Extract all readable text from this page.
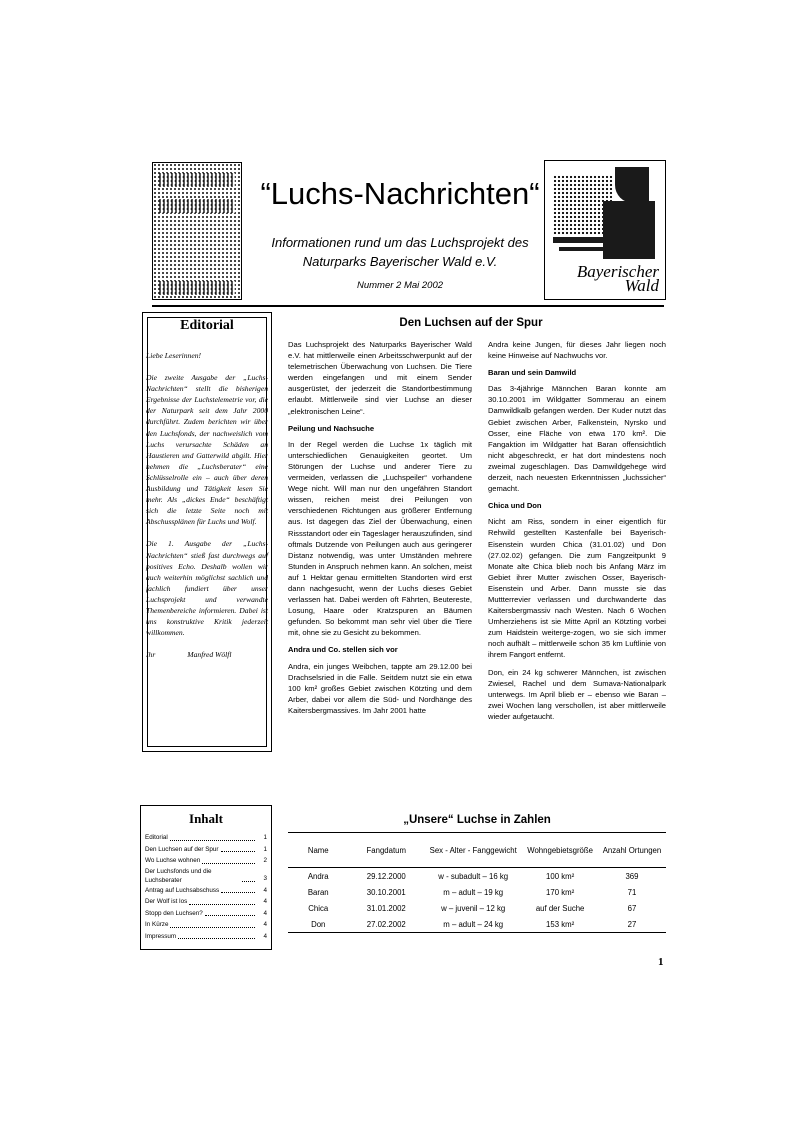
“Luchs-Nachrichten“
Informationen rund um das Luchsprojekt des
Naturparks Bayerischer Wald e.V.
Nummer 2 Mai 2002
Bayerischer
Wald
Editorial

Liebe Leserinnen!

Die zweite Ausgabe der „Luchs-Nachrichten“ stellt die bisherigen Ergebnisse der Luchstelemetrie vor, die der Naturpark seit dem Jahr 2000 durchführt. Zudem berichten wir über den Luchsfonds, der nachweislich vom Luchs verursachte Schäden an Haustieren und Gatterwild abgilt. Hier nehmen die „Luchsberater“ eine Schlüsselrolle ein – auch über deren Ausbildung und Tätigkeit lesen Sie mehr. Als „dickes Ende“ beschäftigt sich die letzte Seite noch mit Abschussplänen für Luchs und Wolf.

Die 1. Ausgabe der „Luchs-Nachrichten“ stieß fast durchwegs auf positives Echo. Deshalb wollen wir auch weiterhin möglichst sachlich und fachlich fundiert über unser Luchsprojekt und verwandte Themenbereiche informieren. Dabei ist uns konstruktive Kritik jederzeit willkommen.

Ihr	Manfred Wölfl
Den Luchsen auf der Spur

Das Luchsprojekt des Naturparks Bayerischer Wald e.V. hat mittlerweile einen Arbeitsschwerpunkt auf der telemetrischen Überwachung von Luchsen. Die Tiere werden eingefangen und mit einem Sender ausgerüstet, der jederzeit die Standortbestimmung erlaubt. Mittlerweile sind vier Luchse an dieser „elektronischen Leine“.

Peilung und Nachsuche

In der Regel werden die Luchse 1x täglich mit unterschiedlichen Genauigkeiten geortet. Um Störungen der Luchse und anderer Tiere zu vermeiden, verlassen die „Luchspeiler“ vorhandene Wege nicht. Will man nur den ungefähren Standort wissen, reichen meist drei Peilungen von verschiedenen Richtungen aus größerer Entfernung aus. Ist dagegen das Ziel der Überwachung, einen Rissstandort oder ein Tageslager herauszufinden, sind oftmals Dutzende von Peilungen auch aus geringerer Distanz notwendig, was unter Umständen mehrere Stunden in Anspruch nehmen kann. An solchen, meist auf 1 Hektar genau ermittelten Standorten wird erst dann nachgesucht, wenn der Luchs dieses Gebiet verlassen hat. Dabei werden oft Fährten, Beutereste, Losung, Haare oder Kratzspuren an Bäumen gefunden. So bekommt man sehr viel über die Tiere mit, ohne sie zu Gesicht zu bekommen.

Andra und Co. stellen sich vor

Andra, ein junges Weibchen, tappte am 29.12.00 bei Drachselsried in die Falle. Seitdem nutzt sie ein etwa 100 km² großes Gebiet zwischen Kötzting und dem Arber, dabei vor allem die Süd- und Nordhänge des Kaitersbergmassives. Im Jahr 2001 hatte

Andra keine Jungen, für dieses Jahr liegen noch keine Hinweise auf Nachwuchs vor.

Baran und sein Damwild

Das 3-4jährige Männchen Baran konnte am 30.10.2001 im Wildgatter Sommerau an einem Damwildkalb gefangen werden. Der Kuder nutzt das Gebiet zwischen Arber, Falkenstein, Nyrsko und Osser, eine Fläche von etwa 170 km². Die Fangaktion im Wildgatter hat Baran offensichtlich nicht abgeschreckt, er hat dort mindestens noch zweimal zugeschlagen. Das Damwildgehege wird derzeit, nach neuesten Erkenntnissen „luchssicher“ gemacht.

Chica und Don

Nicht am Riss, sondern in einer eigentlich für Rehwild gestellten Kastenfalle bei Bayerisch-Eisenstein wurden Chica (31.01.02) und Don (27.02.02) gefangen. Die zum Fangzeitpunkt 9 Monate alte Chica blieb noch bis Anfang März im Gebiet ihrer Mutter zwischen Osser, Bayerisch-Eisenstein und Arber. Dann musste sie das Muttterrevier verlassen und durchwanderte das Kaitersbergmassiv nach Westen. Nach 6 Wochen Umherziehens ist sie Mitte April an Kötzting vorbei zum Haidstein weiterge-zogen, wo sie sich immer noch aufhält – mittlerweile schon 35 km Luftlinie von ihrem Fangort entfernt.

Don, ein 24 kg schwerer Männchen, ist zwischen Zwiesel, Rachel und dem Sumava-Nationalpark unterwegs. Im April blieb er – ebenso wie Baran – zwei Wochen lang verschollen, ist aber mittlerweile wieder aufgetaucht.

Inhalt
Editorial	1
Den Luchsen auf der Spur	1
Wo Luchse wohnen	2
Der Luchsfonds und die Luchsberater	3
Antrag auf Luchsabschuss	4
Der Wolf ist los	4
Stopp den Luchsen?	4
In Kürze	4
Impressum	4
„Unsere“ Luchse in Zahlen
Name	Fangdatum	Sex - Alter - Fanggewicht	Wohngebietsgröße	Anzahl Ortungen
Andra	29.12.2000	w - subadult – 16 kg	100 km²	369
Baran	30.10.2001	m – adult – 19 kg	170 km²	71
Chica	31.01.2002	w – juvenil – 12 kg	auf der Suche	67
Don	27.02.2002	m – adult – 24 kg	153 km²	27
1
